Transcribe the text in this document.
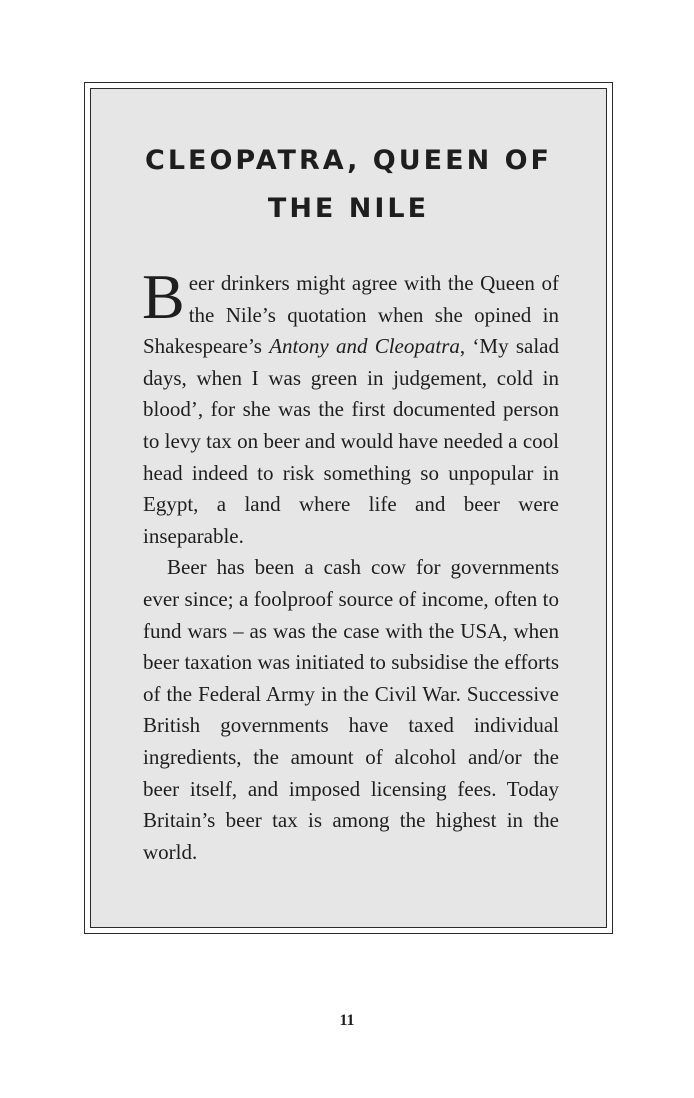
CLEOPATRA, QUEEN OF
THE NILE

Beer drinkers might agree with the Queen of the Nile’s quotation when she opined in Shakespeare’s Antony and Cleopatra, ‘My salad days, when I was green in judgement, cold in blood’, for she was the first documented person to levy tax on beer and would have needed a cool head indeed to risk something so unpopular in Egypt, a land where life and beer were inseparable.

Beer has been a cash cow for governments ever since; a foolproof source of income, often to fund wars – as was the case with the USA, when beer taxation was initiated to subsidise the efforts of the Federal Army in the Civil War. Successive British governments have taxed individual ingredients, the amount of alcohol and/or the beer itself, and imposed licensing fees. Today Britain’s beer tax is among the highest in the world.

11
